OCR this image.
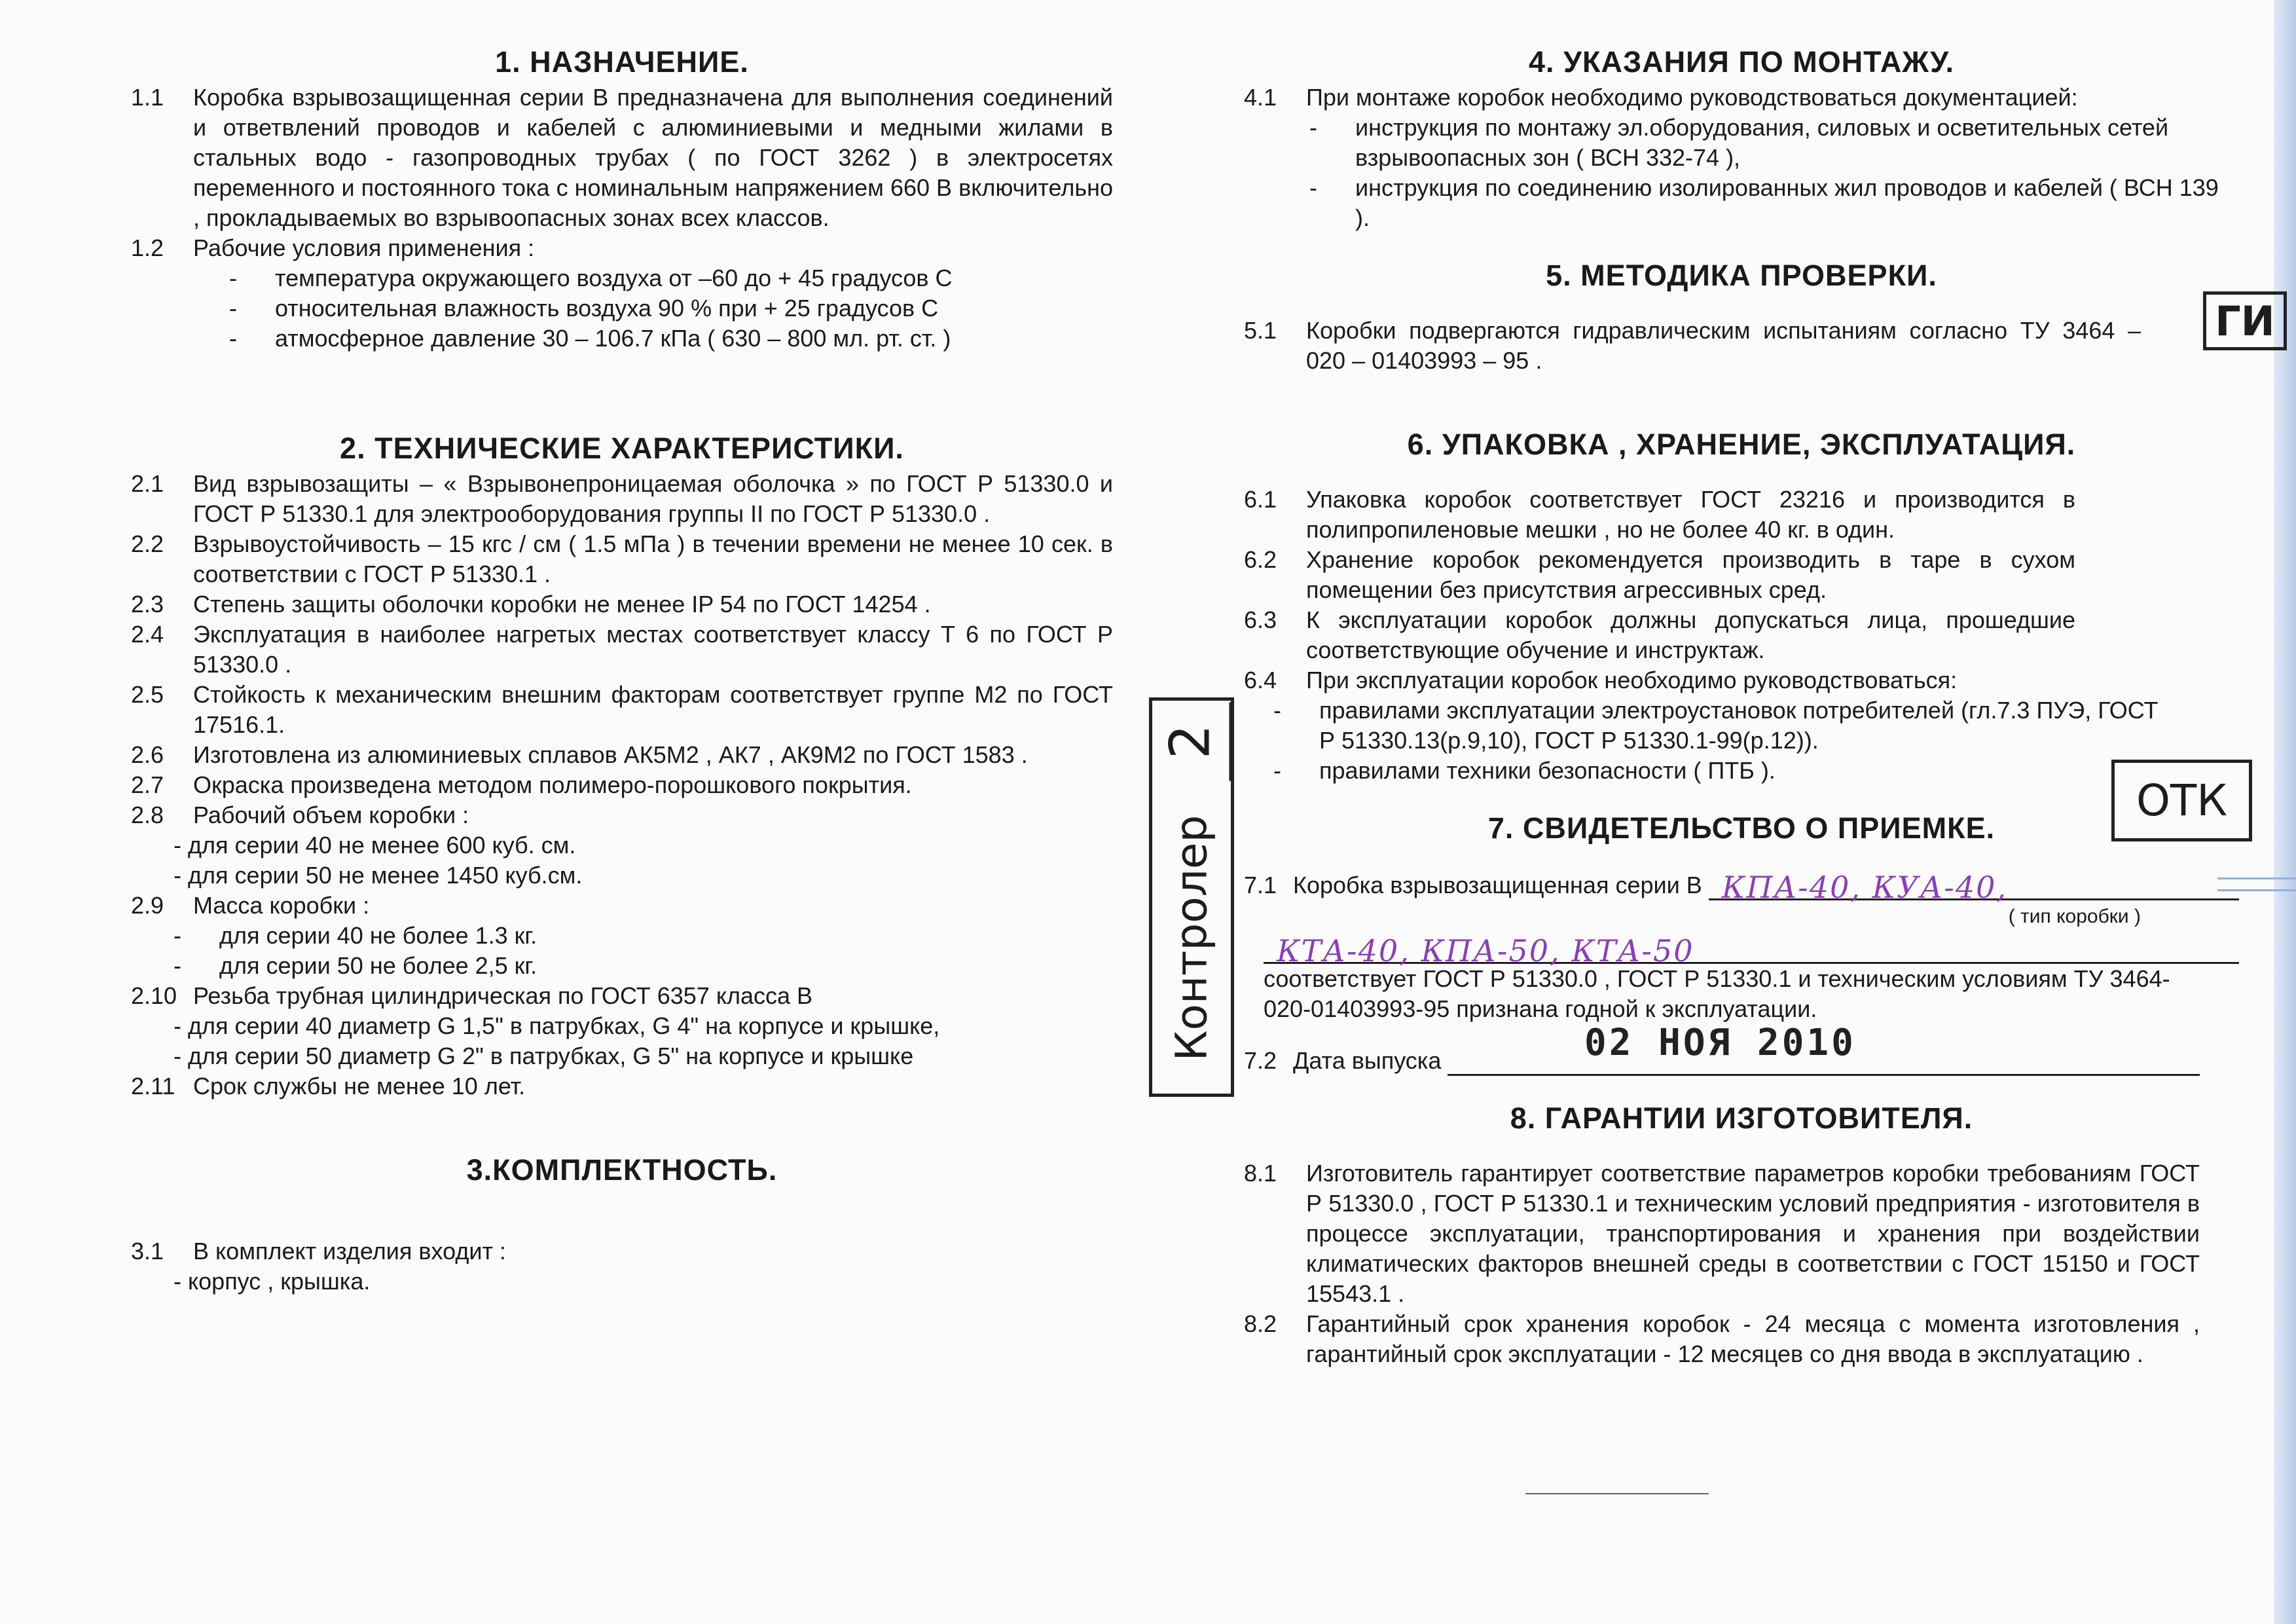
1. НАЗНАЧЕНИЕ.
1.1 Коробка взрывозащищенная серии В предназначена для выполнения соединений и ответвлений проводов и кабелей с алюминиевыми и медными жилами в стальных водо - газопроводных трубах ( по ГОСТ 3262 ) в электросетях переменного и постоянного тока с номинальным напряжением 660 В включительно , прокладываемых во взрывоопасных зонах всех классов.
1.2 Рабочие условия применения :
- температура окружающего воздуха от –60 до + 45 градусов С
- относительная влажность воздуха 90 % при + 25 градусов С
- атмосферное давление 30 – 106.7 кПа ( 630 – 800 мл. рт. ст. )
2. ТЕХНИЧЕСКИЕ ХАРАКТЕРИСТИКИ.
2.1 Вид взрывозащиты – « Взрывонепроницаемая оболочка » по ГОСТ Р 51330.0 и ГОСТ Р 51330.1 для электрооборудования группы II по ГОСТ Р 51330.0 .
2.2 Взрывоустойчивость – 15 кгс / см ( 1.5 мПа ) в течении времени не менее 10 сек. в соответствии с ГОСТ Р 51330.1 .
2.3 Степень защиты оболочки коробки не менее IP 54 по ГОСТ 14254 .
2.4 Эксплуатация в наиболее нагретых местах соответствует классу Т 6 по ГОСТ Р 51330.0 .
2.5 Стойкость к механическим внешним факторам соответствует группе М2 по ГОСТ 17516.1.
2.6 Изготовлена из алюминиевых сплавов АК5М2 , АК7 , АК9М2 по ГОСТ 1583 .
2.7 Окраска произведена методом полимеро-порошкового покрытия.
2.8 Рабочий объем коробки :
- для серии 40 не менее 600 куб. см.
- для серии 50 не менее 1450 куб.см.
2.9 Масса коробки :
- для серии 40 не более 1.3 кг.
- для серии 50 не более 2,5 кг.
2.10 Резьба трубная цилиндрическая по ГОСТ 6357 класса В
- для серии 40 диаметр G 1,5" в патрубках, G 4" на корпусе и крышке,
- для серии 50 диаметр G 2" в патрубках, G 5" на корпусе и крышке
2.11 Срок службы не менее 10 лет.
3.КОМПЛЕКТНОСТЬ.
3.1 В комплект изделия входит :
- корпус , крышка.
4. УКАЗАНИЯ ПО МОНТАЖУ.
4.1 При монтаже коробок необходимо руководствоваться документацией:
- инструкция по монтажу эл.оборудования, силовых и осветительных сетей взрывоопасных зон ( ВСН 332-74 ),
- инструкция по соединению изолированных жил проводов и кабелей ( ВСН 139 ).
5. МЕТОДИКА ПРОВЕРКИ.
5.1 Коробки подвергаются гидравлическим испытаниям согласно ТУ 3464 – 020 – 01403993 – 95 .
6. УПАКОВКА , ХРАНЕНИЕ, ЭКСПЛУАТАЦИЯ.
6.1 Упаковка коробок соответствует ГОСТ 23216 и производится в полипропиленовые мешки , но не более 40 кг. в один.
6.2 Хранение коробок рекомендуется производить в таре в сухом помещении без присутствия агрессивных сред.
6.3 К эксплуатации коробок должны допускаться лица, прошедшие соответствующие обучение и инструктаж.
6.4 При эксплуатации коробок необходимо руководствоваться:
- правилами эксплуатации электроустановок потребителей (гл.7.3 ПУЭ, ГОСТ Р 51330.13(р.9,10), ГОСТ Р 51330.1-99(р.12)).
- правилами техники безопасности ( ПТБ ).
7. СВИДЕТЕЛЬСТВО О ПРИЕМКЕ.
7.1 Коробка взрывозащищенная серии В КПА-40, КУА-40,
( тип коробки )
КТА-40, КПА-50, КТА-50
соответствует ГОСТ Р 51330.0 , ГОСТ Р 51330.1 и техническим условиям ТУ 3464-020-01403993-95 признана годной к эксплуатации.
7.2 Дата выпуска
8. ГАРАНТИИ ИЗГОТОВИТЕЛЯ.
8.1 Изготовитель гарантирует соответствие параметров коробки требованиям ГОСТ Р 51330.0 , ГОСТ Р 51330.1 и техническим условий предприятия - изготовителя в процессе эксплуатации, транспортирования и хранения при воздействии климатических факторов внешней среды в соответствии с ГОСТ 15150 и ГОСТ 15543.1 .
8.2 Гарантийный срок хранения коробок - 24 месяца с момента изготовления , гарантийный срок эксплуатации - 12 месяцев со дня ввода в эксплуатацию .
ГИ
ОТК
2
Контролер	02 НОЯ 2010
